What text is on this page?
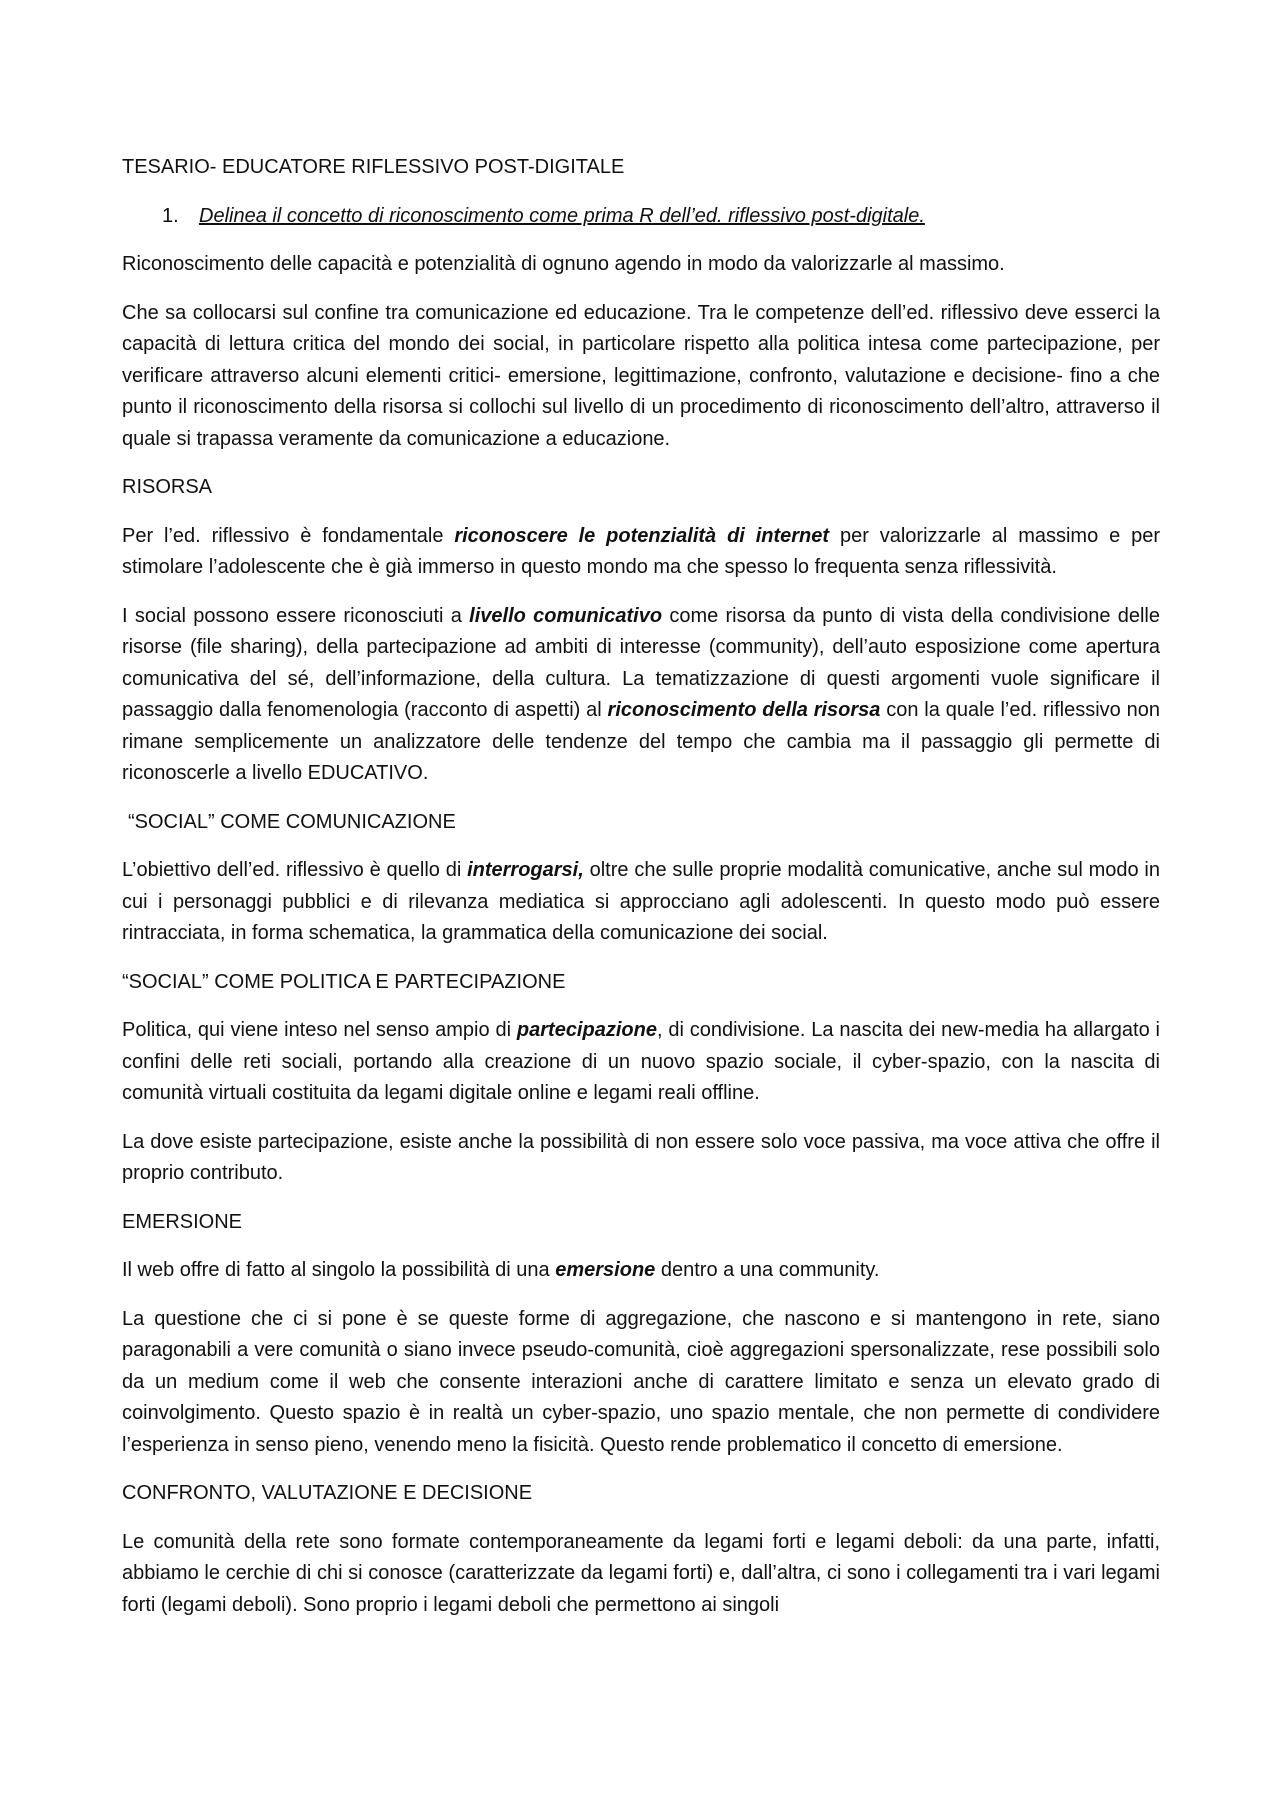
TESARIO- EDUCATORE RIFLESSIVO POST-DIGITALE

1. Delinea il concetto di riconoscimento come prima R dell’ed. riflessivo post-digitale.

Riconoscimento delle capacità e potenzialità di ognuno agendo in modo da valorizzarle al massimo.

Che sa collocarsi sul confine tra comunicazione ed educazione. Tra le competenze dell’ed. riflessivo deve esserci la capacità di lettura critica del mondo dei social, in particolare rispetto alla politica intesa come partecipazione, per verificare attraverso alcuni elementi critici- emersione, legittimazione, confronto, valutazione e decisione- fino a che punto il riconoscimento della risorsa si collochi sul livello di un procedimento di riconoscimento dell’altro, attraverso il quale si trapassa veramente da comunicazione a educazione.

RISORSA

Per l’ed. riflessivo è fondamentale riconoscere le potenzialità di internet per valorizzarle al massimo e per stimolare l’adolescente che è già immerso in questo mondo ma che spesso lo frequenta senza riflessività.

I social possono essere riconosciuti a livello comunicativo come risorsa da punto di vista della condivisione delle risorse (file sharing), della partecipazione ad ambiti di interesse (community), dell’auto esposizione come apertura comunicativa del sé, dell’informazione, della cultura. La tematizzazione di questi argomenti vuole significare il passaggio dalla fenomenologia (racconto di aspetti) al riconoscimento della risorsa con la quale l’ed. riflessivo non rimane semplicemente un analizzatore delle tendenze del tempo che cambia ma il passaggio gli permette di riconoscerle a livello EDUCATIVO.

“SOCIAL” COME COMUNICAZIONE

L’obiettivo dell’ed. riflessivo è quello di interrogarsi, oltre che sulle proprie modalità comunicative, anche sul modo in cui i personaggi pubblici e di rilevanza mediatica si approcciano agli adolescenti. In questo modo può essere rintracciata, in forma schematica, la grammatica della comunicazione dei social.

“SOCIAL” COME POLITICA E PARTECIPAZIONE

Politica, qui viene inteso nel senso ampio di partecipazione, di condivisione. La nascita dei new-media ha allargato i confini delle reti sociali, portando alla creazione di un nuovo spazio sociale, il cyber-spazio, con la nascita di comunità virtuali costituita da legami digitale online e legami reali offline.

La dove esiste partecipazione, esiste anche la possibilità di non essere solo voce passiva, ma voce attiva che offre il proprio contributo.

EMERSIONE

Il web offre di fatto al singolo la possibilità di una emersione dentro a una community.

La questione che ci si pone è se queste forme di aggregazione, che nascono e si mantengono in rete, siano paragonabili a vere comunità o siano invece pseudo-comunità, cioè aggregazioni spersonalizzate, rese possibili solo da un medium come il web che consente interazioni anche di carattere limitato e senza un elevato grado di coinvolgimento. Questo spazio è in realtà un cyber-spazio, uno spazio mentale, che non permette di condividere l’esperienza in senso pieno, venendo meno la fisicità. Questo rende problematico il concetto di emersione.

CONFRONTO, VALUTAZIONE E DECISIONE

Le comunità della rete sono formate contemporaneamente da legami forti e legami deboli: da una parte, infatti, abbiamo le cerchie di chi si conosce (caratterizzate da legami forti) e, dall’altra, ci sono i collegamenti tra i vari legami forti (legami deboli). Sono proprio i legami deboli che permettono ai singoli
